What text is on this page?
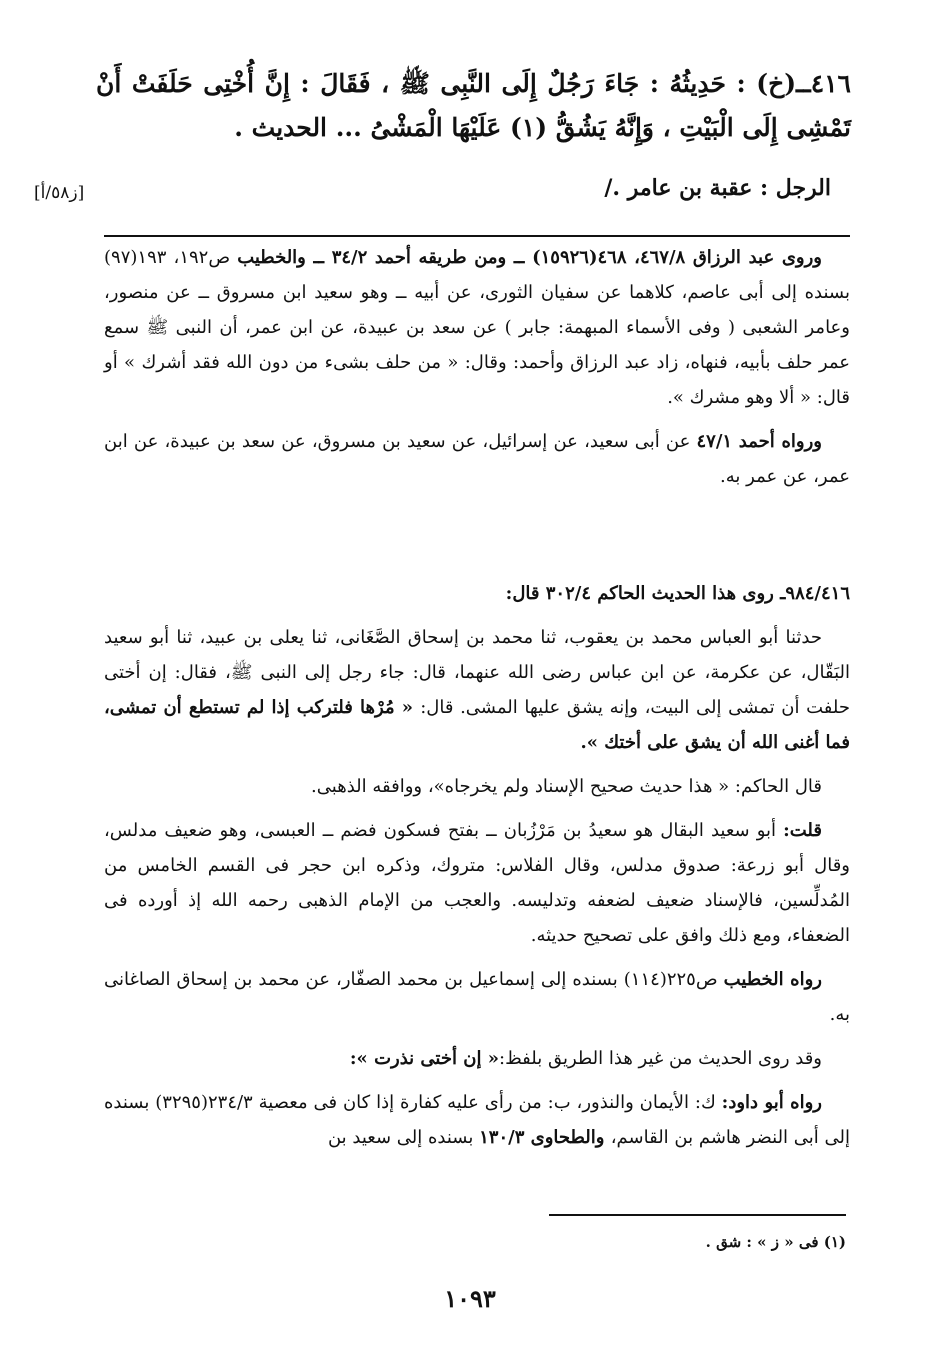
٤١٦ــ(خ) : حَدِيثُهُ : جَاءَ رَجُلٌ إِلَى النَّبِى ﷺ ، فَقَالَ : إِنَّ أُخْتِى حَلَفَتْ أَنْ تَمْشِى إِلَى الْبَيْتِ ، وَإِنَّهُ يَشُقُّ (١) عَلَيْهَا الْمَشْىُ ... الحديث .
الرجل : عقبة بن عامر ./
[ز٥٨/أ]

وروى عبد الرزاق ٤٦٧/٨، ٤٦٨(١٥٩٢٦) ــ ومن طريقه أحمد ٣٤/٢ ــ والخطيب ص١٩٢، ١٩٣(٩٧) بسنده إلى أبى عاصم، كلاهما عن سفيان الثورى، عن أبيه ــ وهو سعيد ابن مسروق ــ عن منصور، وعامر الشعبى ( وفى الأسماء المبهمة: جابر ) عن سعد بن عبيدة، عن ابن عمر، أن النبى ﷺ سمع عمر حلف بأبيه، فنهاه، زاد عبد الرزاق وأحمد: وقال: « من حلف بشىء من دون الله فقد أشرك » أو قال: « ألا وهو مشرك ».

ورواه أحمد ٤٧/١ عن أبى سعيد، عن إسرائيل، عن سعيد بن مسروق، عن سعد بن عبيدة، عن ابن عمر، عن عمر به.

٩٨٤/٤١٦ـ روى هذا الحديث الحاكم ٣٠٢/٤ قال:

حدثنا أبو العباس محمد بن يعقوب، ثنا محمد بن إسحاق الصَّغَانى، ثنا يعلى بن عبيد، ثنا أبو سعيد البَقّال، عن عكرمة، عن ابن عباس رضى الله عنهما، قال: جاء رجل إلى النبى ﷺ، فقال: إن أختى حلفت أن تمشى إلى البيت، وإنه يشق عليها المشى. قال: « مُرْها فلتركب إذا لم تستطع أن تمشى، فما أغنى الله أن يشق على أختك ».

قال الحاكم: « هذا حديث صحيح الإسناد ولم يخرجاه»، ووافقه الذهبى.

قلت: أبو سعيد البقال هو سعيدُ بن مَرْزُبان ــ بفتح فسكون فضم ــ العبسى، وهو ضعيف مدلس، وقال أبو زرعة: صدوق مدلس، وقال الفلاس: متروك، وذكره ابن حجر فى القسم الخامس من المُدلِّسين، فالإسناد ضعيف لضعفه وتدليسه. والعجب من الإمام الذهبى رحمه الله إذ أورده فى الضعفاء، ومع ذلك وافق على تصحيح حديثه.

رواه الخطيب ص٢٢٥(١١٤) بسنده إلى إسماعيل بن محمد الصفّار، عن محمد بن إسحاق الصاغانى به.

وقد روى الحديث من غير هذا الطريق بلفظ:« إن أختى نذرت »:

رواه أبو داود: ك: الأيمان والنذور، ب: من رأى عليه كفارة إذا كان فى معصية ٢٣٤/٣(٣٢٩٥) بسنده إلى أبى النضر هاشم بن القاسم، والطحاوى ١٣٠/٣ بسنده إلى سعيد بن

(١) فى « ز » : شق .
١٠٩٣
